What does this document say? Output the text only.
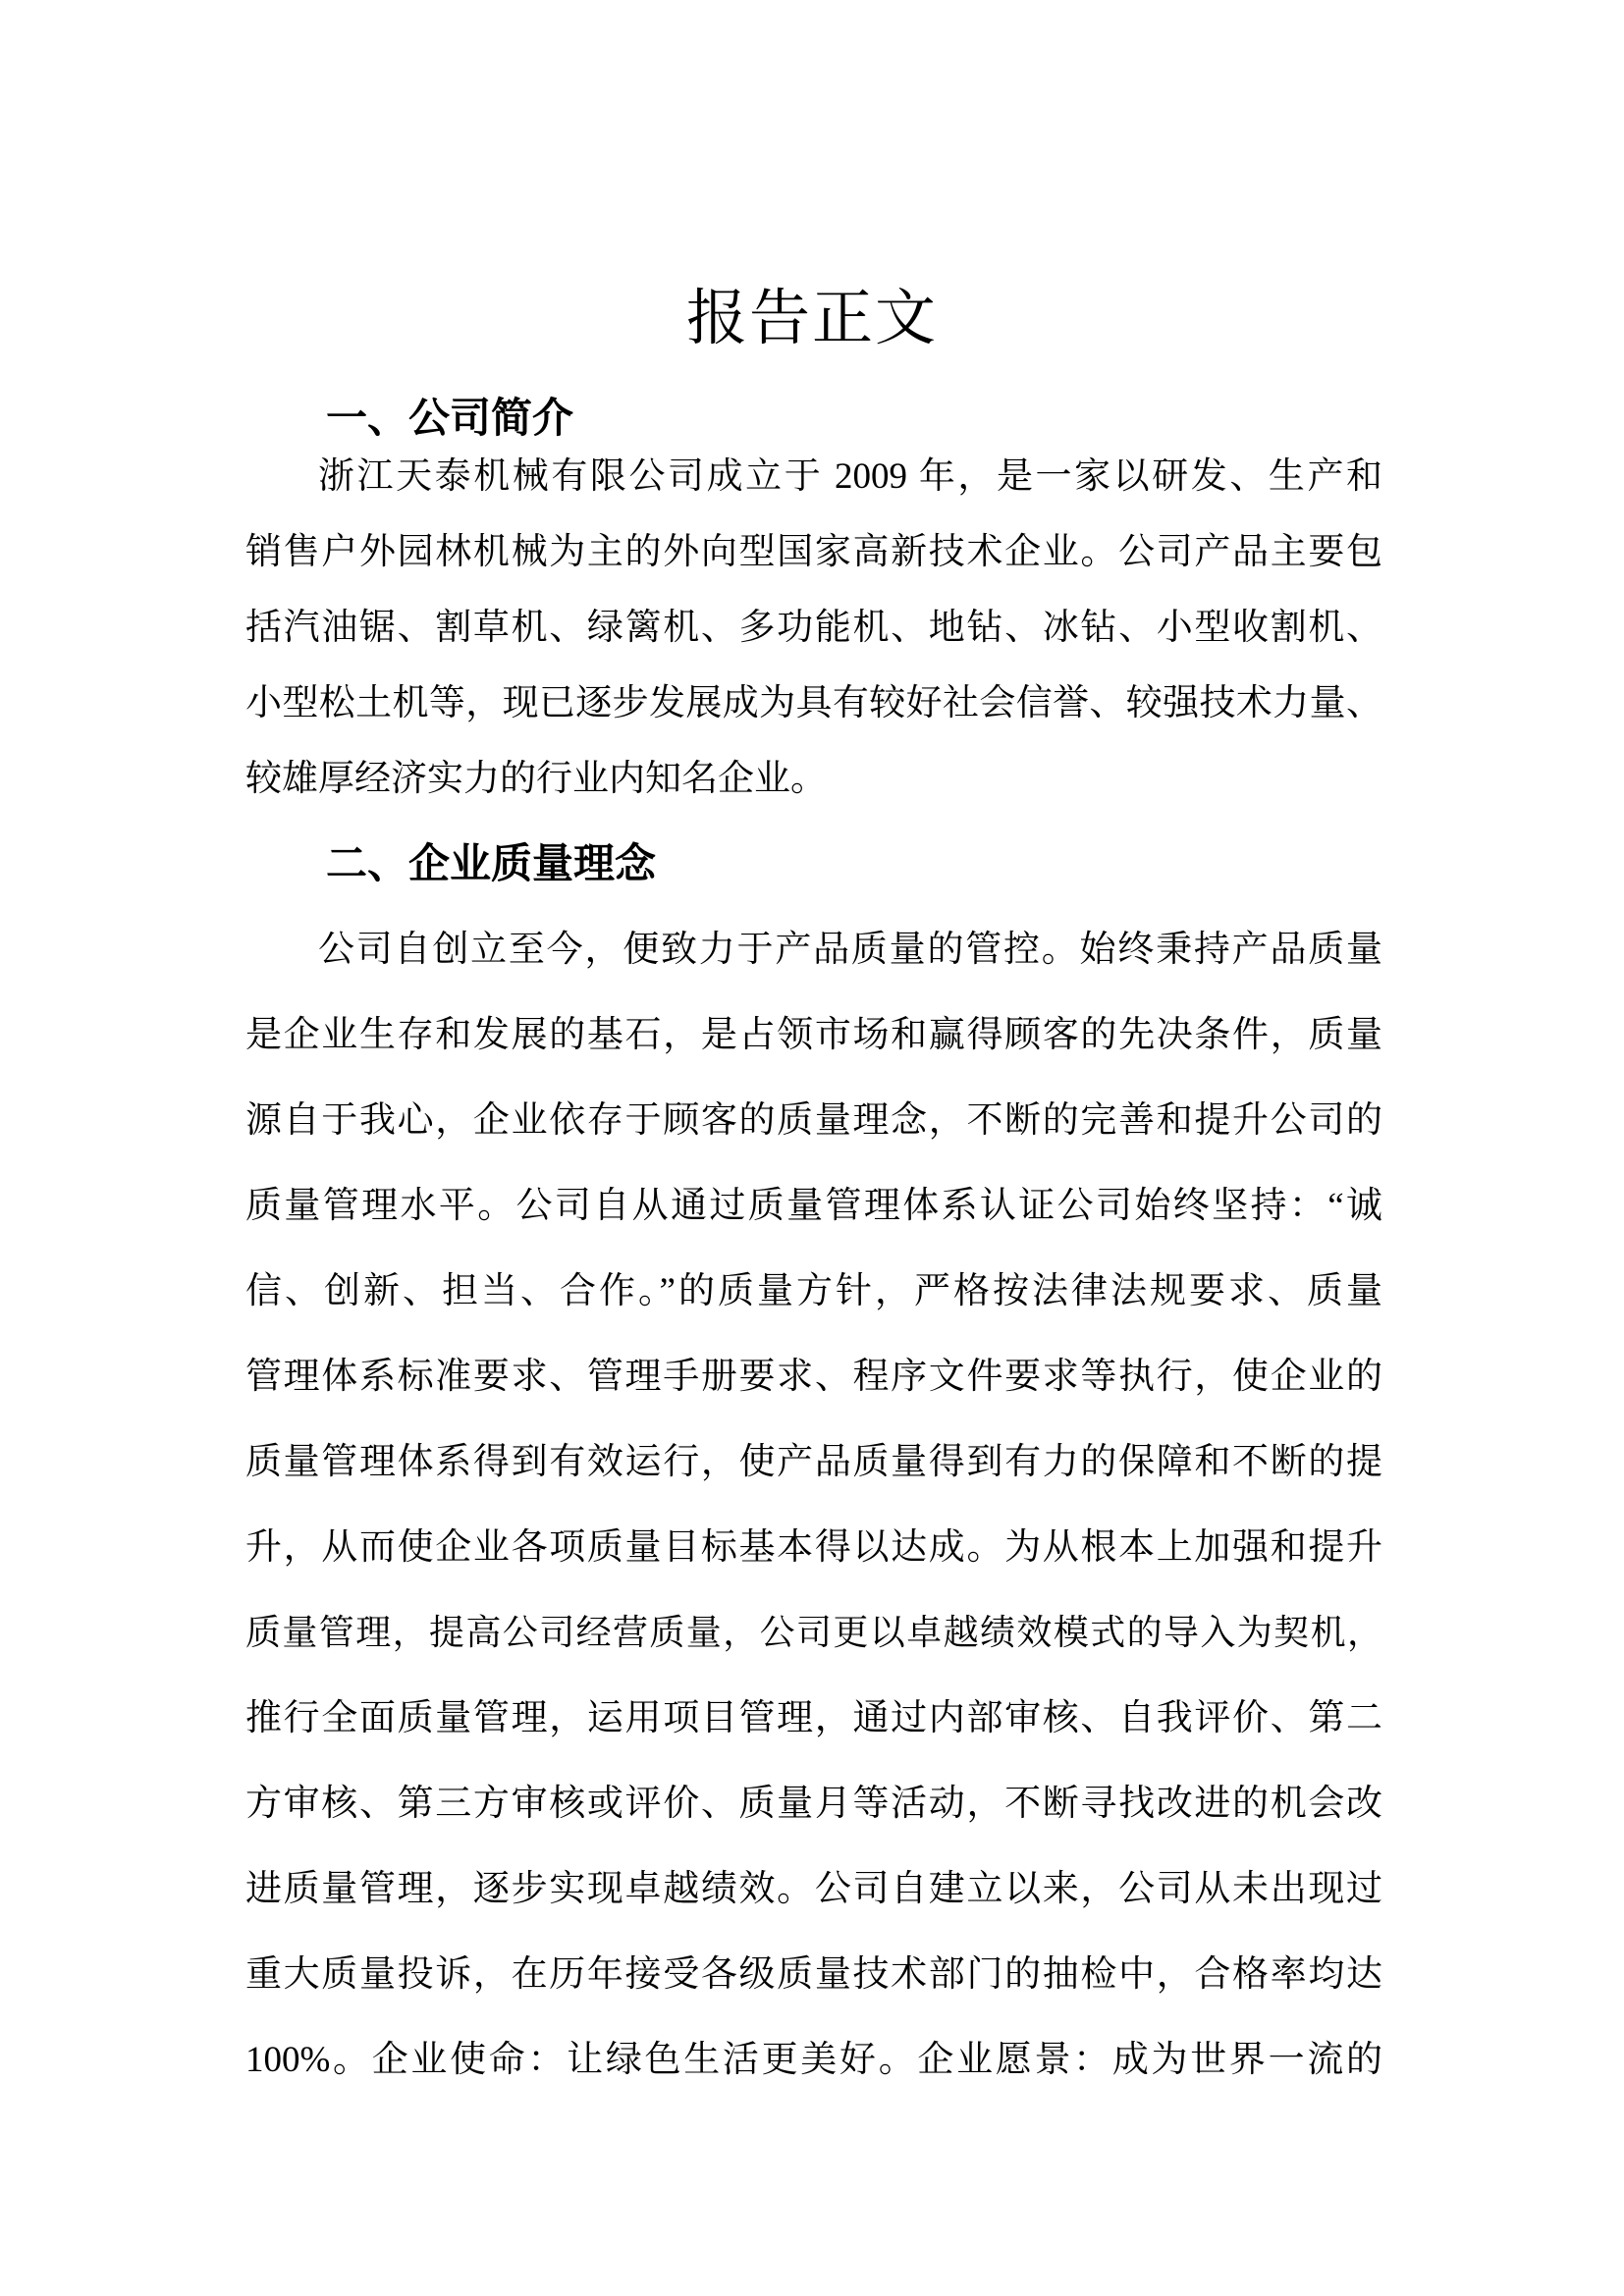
报告正文
一、公司简介
浙江天泰机械有限公司成立于 2009 年，是一家以研发、生产和
销售户外园林机械为主的外向型国家高新技术企业。公司产品主要包
括汽油锯、割草机、绿篱机、多功能机、地钻、冰钻、小型收割机、
小型松土机等，现已逐步发展成为具有较好社会信誉、较强技术力量、
较雄厚经济实力的行业内知名企业。
二、企业质量理念
公司自创立至今，便致力于产品质量的管控。始终秉持产品质量
是企业生存和发展的基石，是占领市场和赢得顾客的先决条件，质量
源自于我心，企业依存于顾客的质量理念，不断的完善和提升公司的
质量管理水平。公司自从通过质量管理体系认证公司始终坚持：“诚
信、创新、担当、合作。”的质量方针，严格按法律法规要求、质量
管理体系标准要求、管理手册要求、程序文件要求等执行，使企业的
质量管理体系得到有效运行，使产品质量得到有力的保障和不断的提
升，从而使企业各项质量目标基本得以达成。为从根本上加强和提升
质量管理，提高公司经营质量，公司更以卓越绩效模式的导入为契机，
推行全面质量管理，运用项目管理，通过内部审核、自我评价、第二
方审核、第三方审核或评价、质量月等活动，不断寻找改进的机会改
进质量管理，逐步实现卓越绩效。公司自建立以来，公司从未出现过
重大质量投诉，在历年接受各级质量技术部门的抽检中，合格率均达
100%。企业使命：让绿色生活更美好。企业愿景：成为世界一流的
